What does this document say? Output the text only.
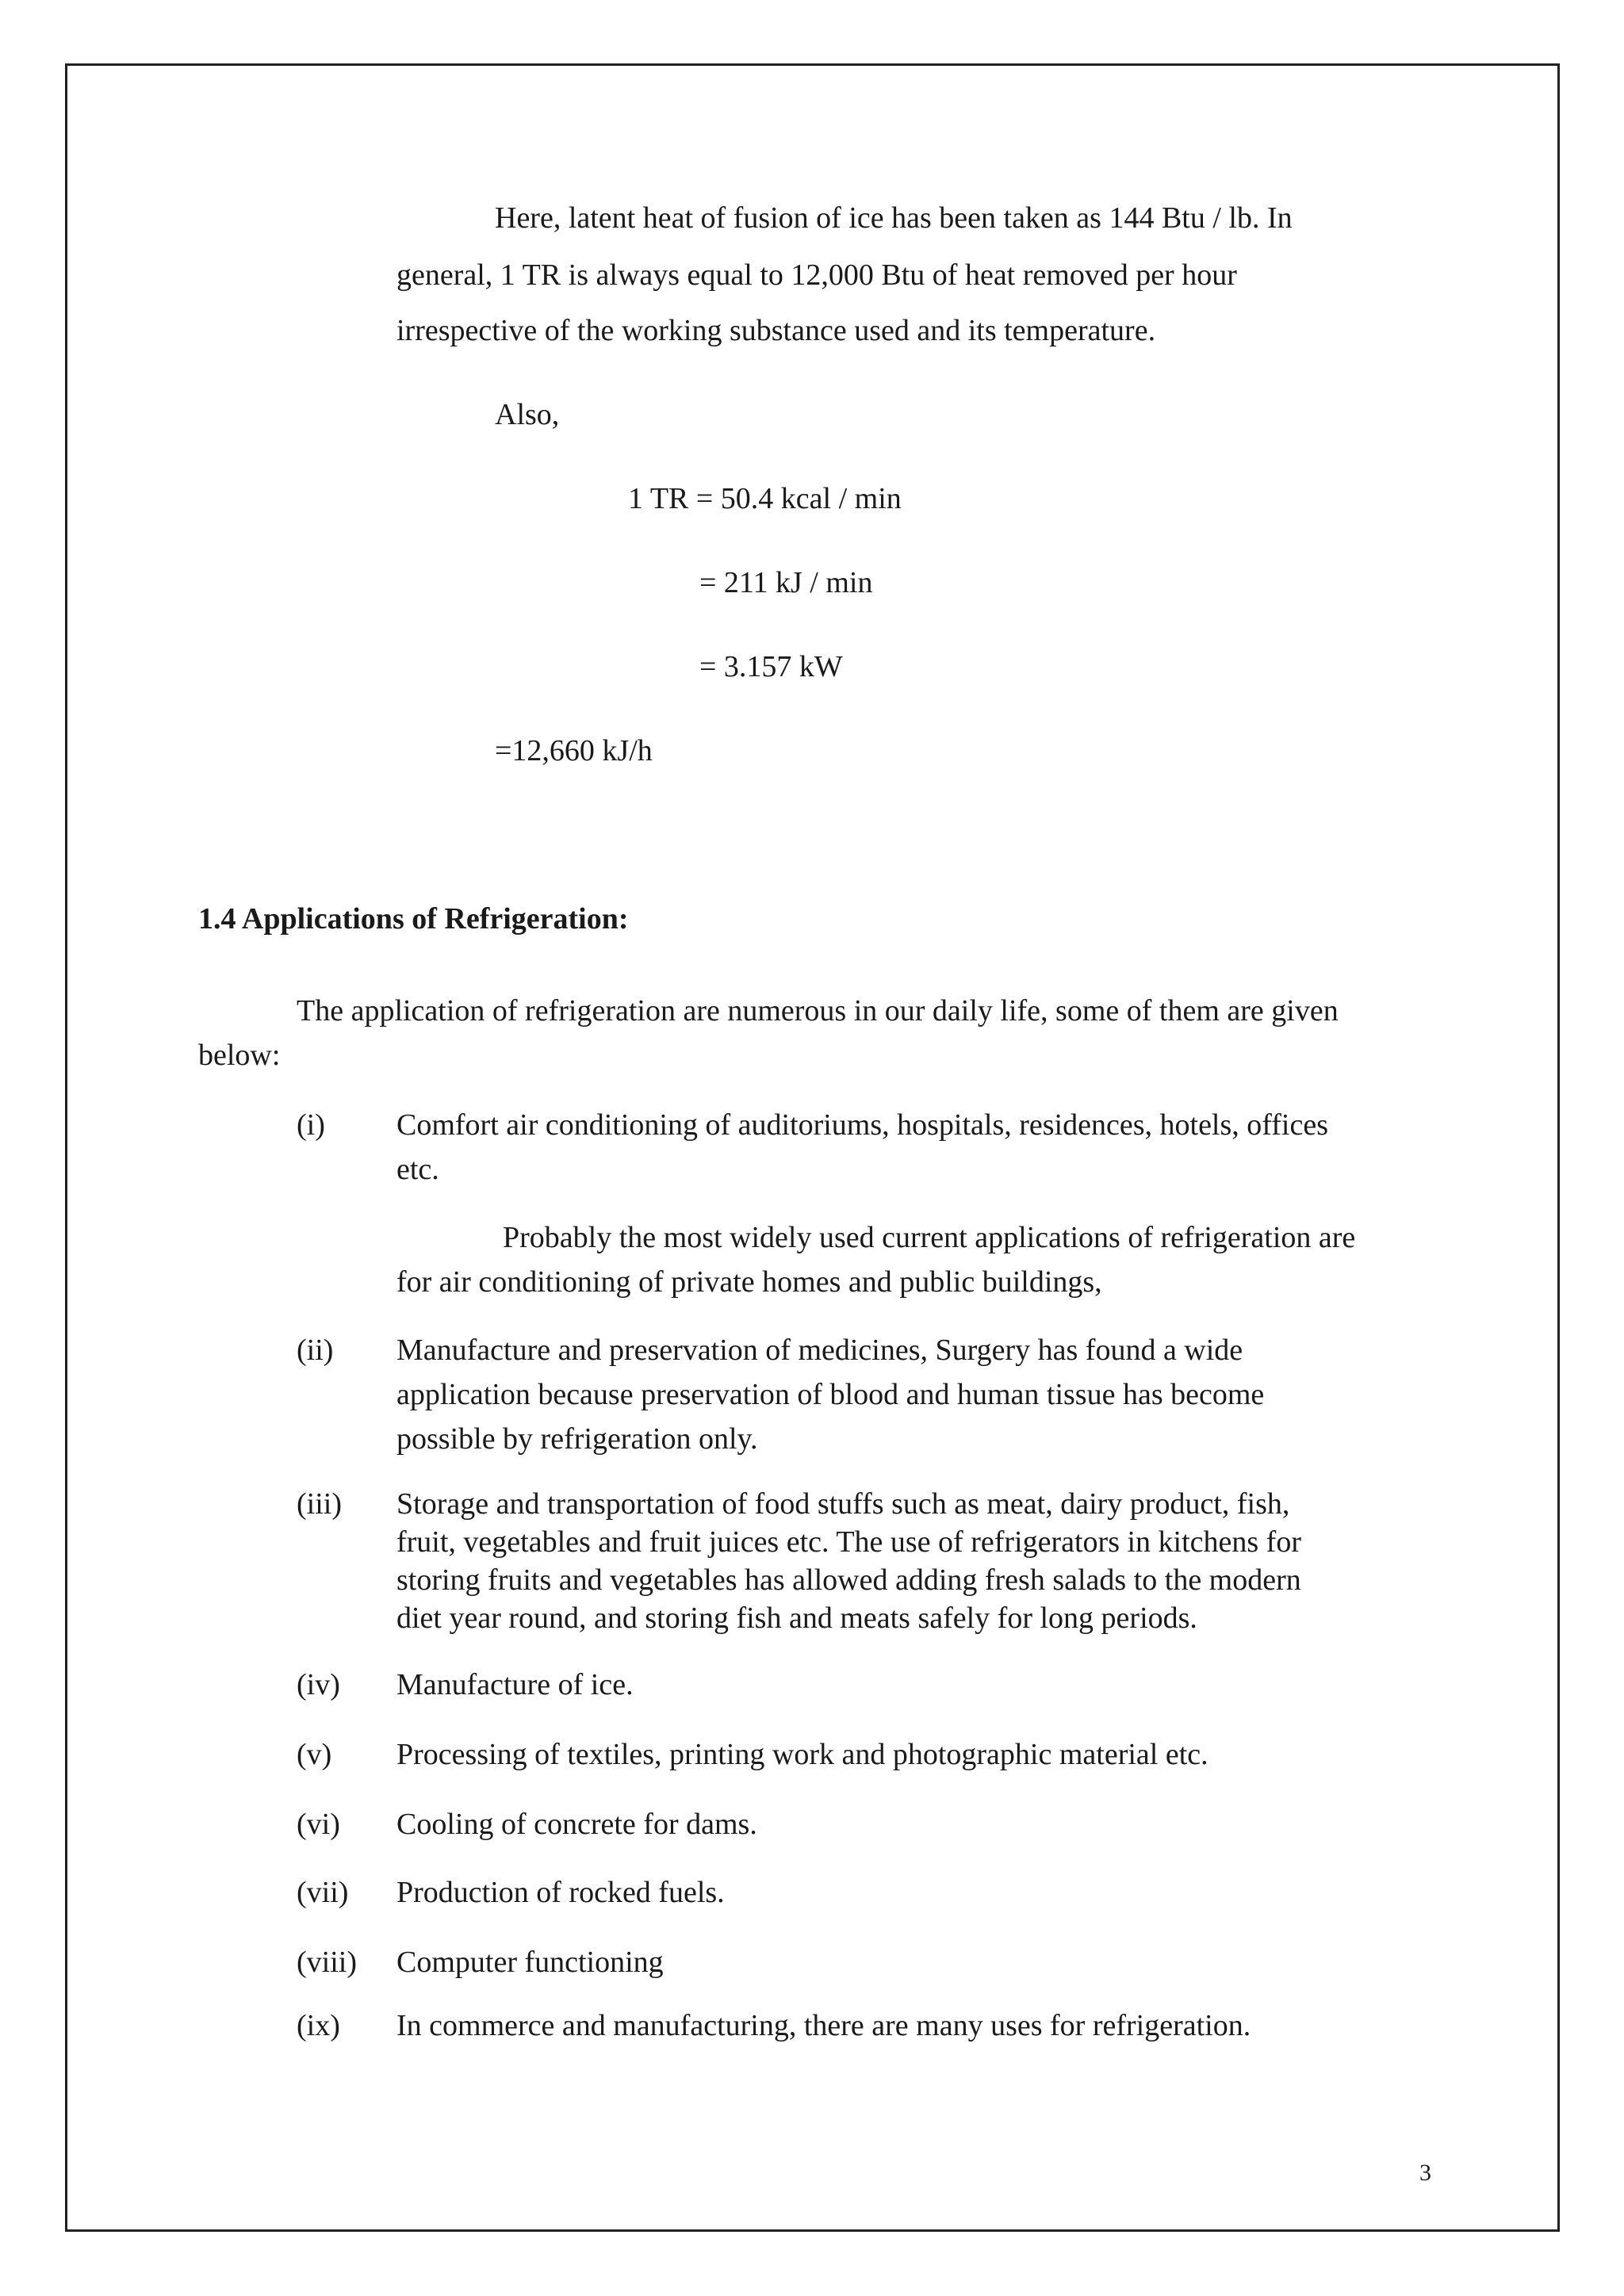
Here, latent heat of fusion of ice has been taken as 144 Btu / lb. In
general, 1 TR is always equal to 12,000 Btu of heat removed per hour
irrespective of the working substance used and its temperature.
Also,
1 TR = 50.4 kcal / min
= 211 kJ / min
= 3.157 kW
=12,660 kJ/h
1.4 Applications of Refrigeration:
The application of refrigeration are numerous in our daily life, some of them are given
below:
(i) Comfort air conditioning of auditoriums, hospitals, residences, hotels, offices
etc.
Probably the most widely used current applications of refrigeration are
for air conditioning of private homes and public buildings,
(ii) Manufacture and preservation of medicines, Surgery has found a wide
application because preservation of blood and human tissue has become
possible by refrigeration only.
(iii) Storage and transportation of food stuffs such as meat, dairy product, fish,
fruit, vegetables and fruit juices etc. The use of refrigerators in kitchens for
storing fruits and vegetables has allowed adding fresh salads to the modern
diet year round, and storing fish and meats safely for long periods.
(iv) Manufacture of ice.
(v) Processing of textiles, printing work and photographic material etc.
(vi) Cooling of concrete for dams.
(vii) Production of rocked fuels.
(viii) Computer functioning
(ix) In commerce and manufacturing, there are many uses for refrigeration.
3
